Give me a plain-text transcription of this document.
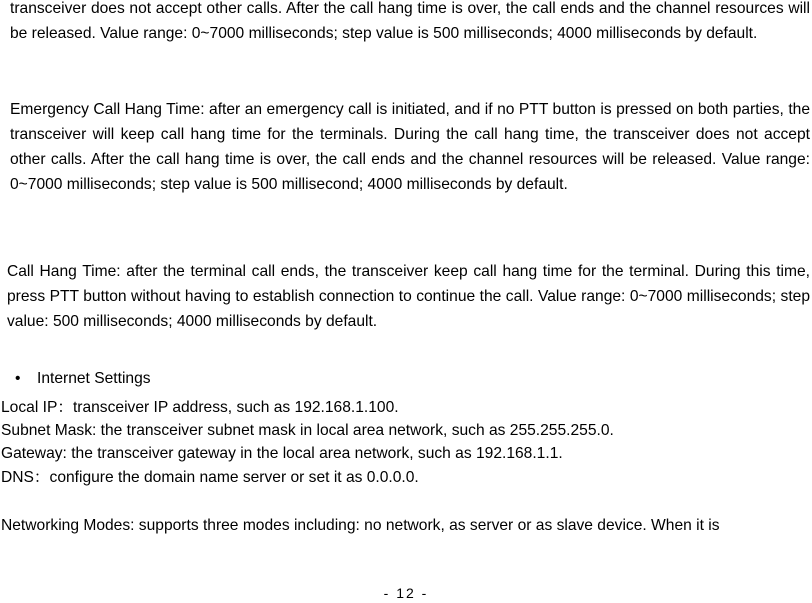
transceiver does not accept other calls. After the call hang time is over, the call ends and the channel resources will be released. Value range: 0~7000 milliseconds; step value is 500 milliseconds; 4000 milliseconds by default.

Emergency Call Hang Time: after an emergency call is initiated, and if no PTT button is pressed on both parties, the transceiver will keep call hang time for the terminals. During the call hang time, the transceiver does not accept other calls. After the call hang time is over, the call ends and the channel resources will be released. Value range: 0~7000 milliseconds; step value is 500 millisecond; 4000 milliseconds by default.

Call Hang Time: after the terminal call ends, the transceiver keep call hang time for the terminal. During this time, press PTT button without having to establish connection to continue the call. Value range: 0~7000 milliseconds; step value: 500 milliseconds; 4000 milliseconds by default.

• Internet Settings
Local IP：transceiver IP address, such as 192.168.1.100.
Subnet Mask: the transceiver subnet mask in local area network, such as 255.255.255.0.
Gateway: the transceiver gateway in the local area network, such as 192.168.1.1.
DNS：configure the domain name server or set it as 0.0.0.0.
Networking Modes: supports three modes including: no network, as server or as slave device. When it is
- 12 -
